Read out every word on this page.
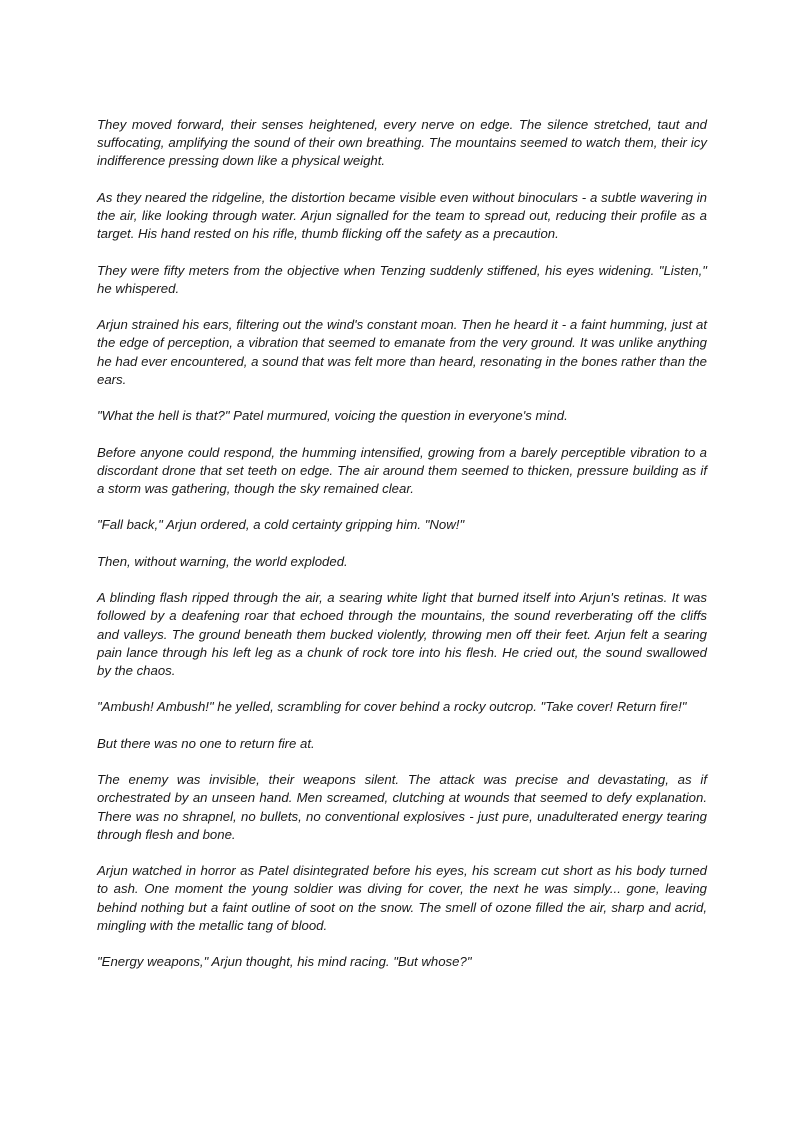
They moved forward, their senses heightened, every nerve on edge. The silence stretched, taut and suffocating, amplifying the sound of their own breathing. The mountains seemed to watch them, their icy indifference pressing down like a physical weight.

As they neared the ridgeline, the distortion became visible even without binoculars - a subtle wavering in the air, like looking through water. Arjun signalled for the team to spread out, reducing their profile as a target. His hand rested on his rifle, thumb flicking off the safety as a precaution.

They were fifty meters from the objective when Tenzing suddenly stiffened, his eyes widening. "Listen," he whispered.

Arjun strained his ears, filtering out the wind's constant moan. Then he heard it - a faint humming, just at the edge of perception, a vibration that seemed to emanate from the very ground. It was unlike anything he had ever encountered, a sound that was felt more than heard, resonating in the bones rather than the ears.

"What the hell is that?" Patel murmured, voicing the question in everyone's mind.

Before anyone could respond, the humming intensified, growing from a barely perceptible vibration to a discordant drone that set teeth on edge. The air around them seemed to thicken, pressure building as if a storm was gathering, though the sky remained clear.

"Fall back," Arjun ordered, a cold certainty gripping him. "Now!"

Then, without warning, the world exploded.

A blinding flash ripped through the air, a searing white light that burned itself into Arjun's retinas. It was followed by a deafening roar that echoed through the mountains, the sound reverberating off the cliffs and valleys. The ground beneath them bucked violently, throwing men off their feet. Arjun felt a searing pain lance through his left leg as a chunk of rock tore into his flesh. He cried out, the sound swallowed by the chaos.

"Ambush! Ambush!" he yelled, scrambling for cover behind a rocky outcrop. "Take cover! Return fire!"

But there was no one to return fire at.

The enemy was invisible, their weapons silent. The attack was precise and devastating, as if orchestrated by an unseen hand. Men screamed, clutching at wounds that seemed to defy explanation. There was no shrapnel, no bullets, no conventional explosives - just pure, unadulterated energy tearing through flesh and bone.

Arjun watched in horror as Patel disintegrated before his eyes, his scream cut short as his body turned to ash. One moment the young soldier was diving for cover, the next he was simply... gone, leaving behind nothing but a faint outline of soot on the snow. The smell of ozone filled the air, sharp and acrid, mingling with the metallic tang of blood.

"Energy weapons," Arjun thought, his mind racing. "But whose?"
